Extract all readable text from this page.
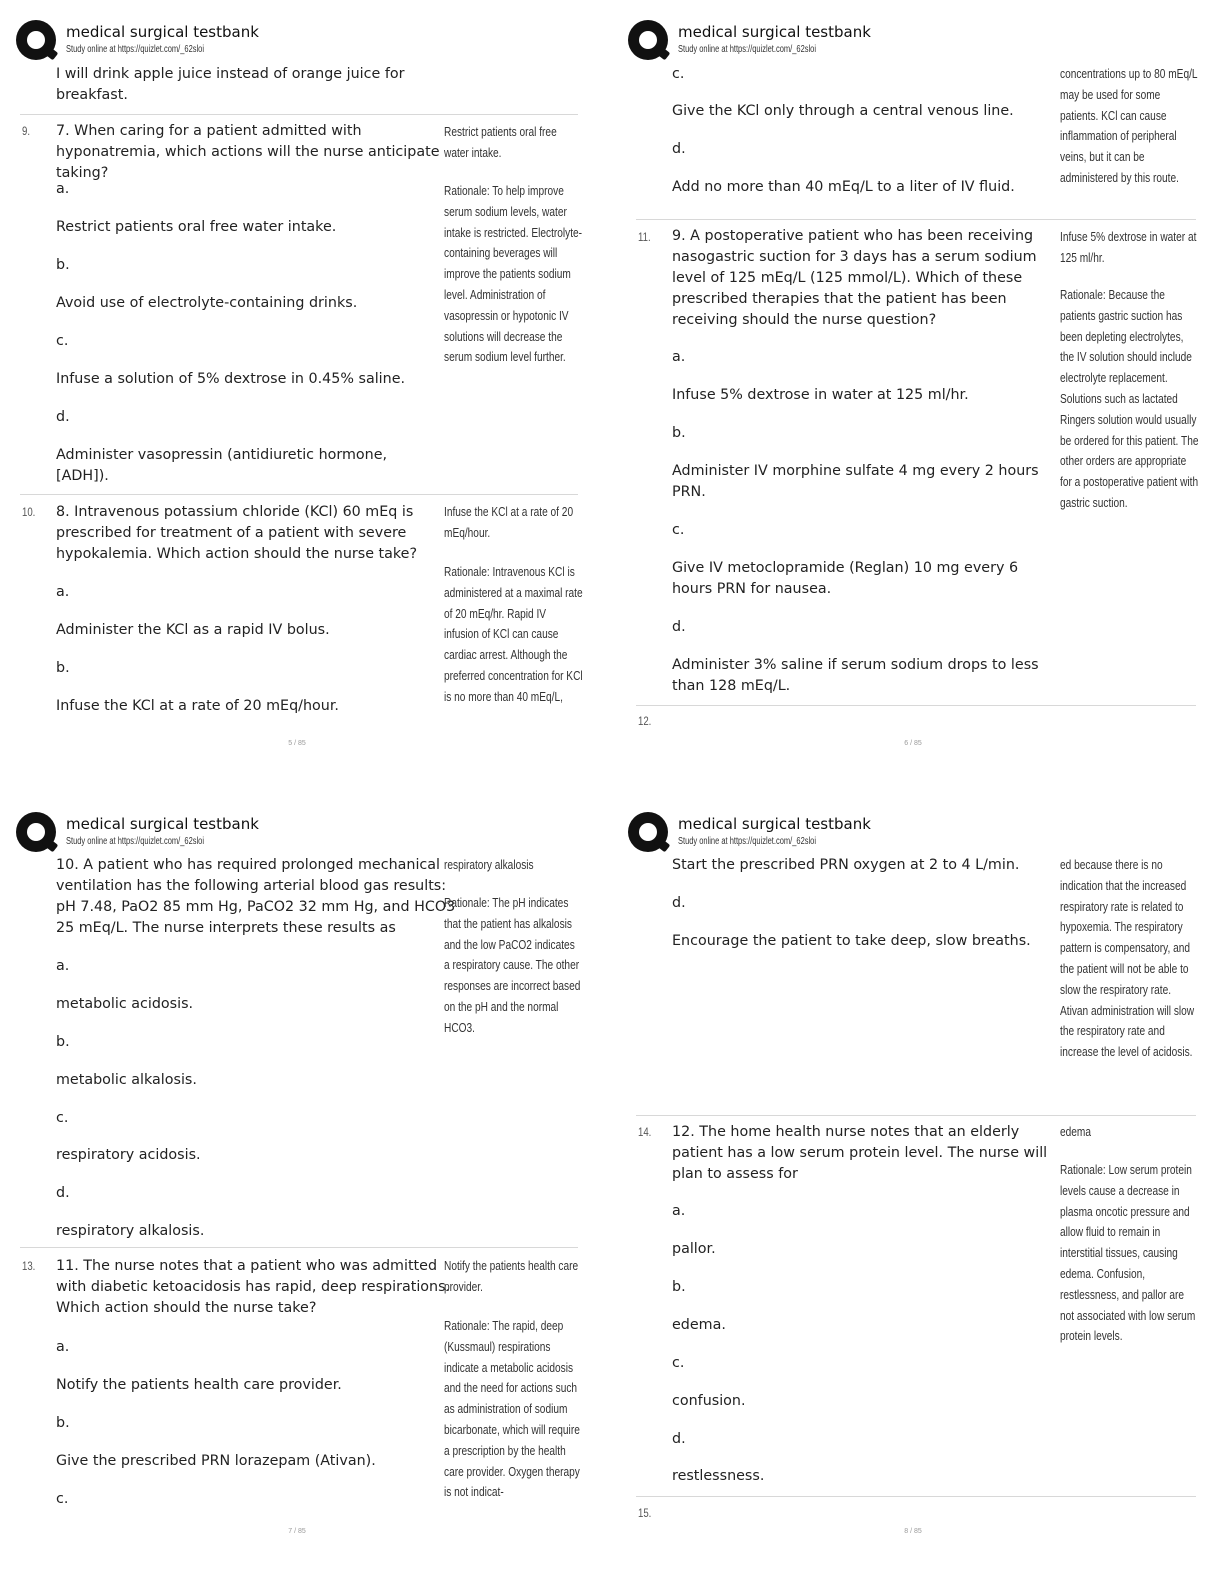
medical surgical testbank
Study online at https://quizlet.com/_62sloi
I will drink apple juice instead of orange juice for breakfast.
9. 7. When caring for a patient admitted with hyponatremia, which actions will the nurse anticipate taking?
Restrict patients oral free water intake.
Rationale: To help improve serum sodium levels, water intake is restricted. Electrolyte-containing beverages will improve the patients sodium level. Administration of vasopressin or hypotonic IV solutions will decrease the serum sodium level further.
a.
Restrict patients oral free water intake.
b.
Avoid use of electrolyte-containing drinks.
c.
Infuse a solution of 5% dextrose in 0.45% saline.
d.
Administer vasopressin (antidiuretic hormone, [ADH]).
10. 8. Intravenous potassium chloride (KCl) 60 mEq is prescribed for treatment of a patient with severe hypokalemia. Which action should the nurse take?
Infuse the KCl at a rate of 20 mEq/hour.
Rationale: Intravenous KCl is administered at a maximal rate of 20 mEq/hr. Rapid IV infusion of KCl can cause cardiac arrest. Although the preferred concentration for KCl is no more than 40 mEq/L,
a.
Administer the KCl as a rapid IV bolus.
b.
Infuse the KCl at a rate of 20 mEq/hour.
5 / 85
medical surgical testbank
Study online at https://quizlet.com/_62sloi
c.
Give the KCl only through a central venous line.
d.
Add no more than 40 mEq/L to a liter of IV fluid.
concentrations up to 80 mEq/L may be used for some patients. KCl can cause inflammation of peripheral veins, but it can be administered by this route.
11. 9. A postoperative patient who has been receiving nasogastric suction for 3 days has a serum sodium level of 125 mEq/L (125 mmol/L). Which of these prescribed therapies that the patient has been receiving should the nurse question?
Infuse 5% dextrose in water at 125 ml/hr.
Rationale: Because the patients gastric suction has been depleting electrolytes, the IV solution should include electrolyte replacement. Solutions such as lactated Ringers solution would usually be ordered for this patient. The other orders are appropriate for a postoperative patient with gastric suction.
a.
Infuse 5% dextrose in water at 125 ml/hr.
b.
Administer IV morphine sulfate 4 mg every 2 hours PRN.
c.
Give IV metoclopramide (Reglan) 10 mg every 6 hours PRN for nausea.
d.
Administer 3% saline if serum sodium drops to less than 128 mEq/L.
12.
6 / 85
medical surgical testbank
Study online at https://quizlet.com/_62sloi
10. A patient who has required prolonged mechanical ventilation has the following arterial blood gas results: pH 7.48, PaO2 85 mm Hg, PaCO2 32 mm Hg, and HCO3 25 mEq/L. The nurse interprets these results as
respiratory alkalosis
Rationale: The pH indicates that the patient has alkalosis and the low PaCO2 indicates a respiratory cause. The other responses are incorrect based on the pH and the normal HCO3.
a.
metabolic acidosis.
b.
metabolic alkalosis.
c.
respiratory acidosis.
d.
respiratory alkalosis.
13. 11. The nurse notes that a patient who was admitted with diabetic ketoacidosis has rapid, deep respirations. Which action should the nurse take?
Notify the patients health care provider.
Rationale: The rapid, deep (Kussmaul) respirations indicate a metabolic acidosis and the need for actions such as administration of sodium bicarbonate, which will require a prescription by the health care provider. Oxygen therapy is not indicat-
a.
Notify the patients health care provider.
b.
Give the prescribed PRN lorazepam (Ativan).
c.
7 / 85
medical surgical testbank
Study online at https://quizlet.com/_62sloi
Start the prescribed PRN oxygen at 2 to 4 L/min.
d.
Encourage the patient to take deep, slow breaths.
ed because there is no indication that the increased respiratory rate is related to hypoxemia. The respiratory pattern is compensatory, and the patient will not be able to slow the respiratory rate. Ativan administration will slow the respiratory rate and increase the level of acidosis.
14. 12. The home health nurse notes that an elderly patient has a low serum protein level. The nurse will plan to assess for
edema
Rationale: Low serum protein levels cause a decrease in plasma oncotic pressure and allow fluid to remain in interstitial tissues, causing edema. Confusion, restlessness, and pallor are not associated with low serum protein levels.
a.
pallor.
b.
edema.
c.
confusion.
d.
restlessness.
15.
8 / 85
